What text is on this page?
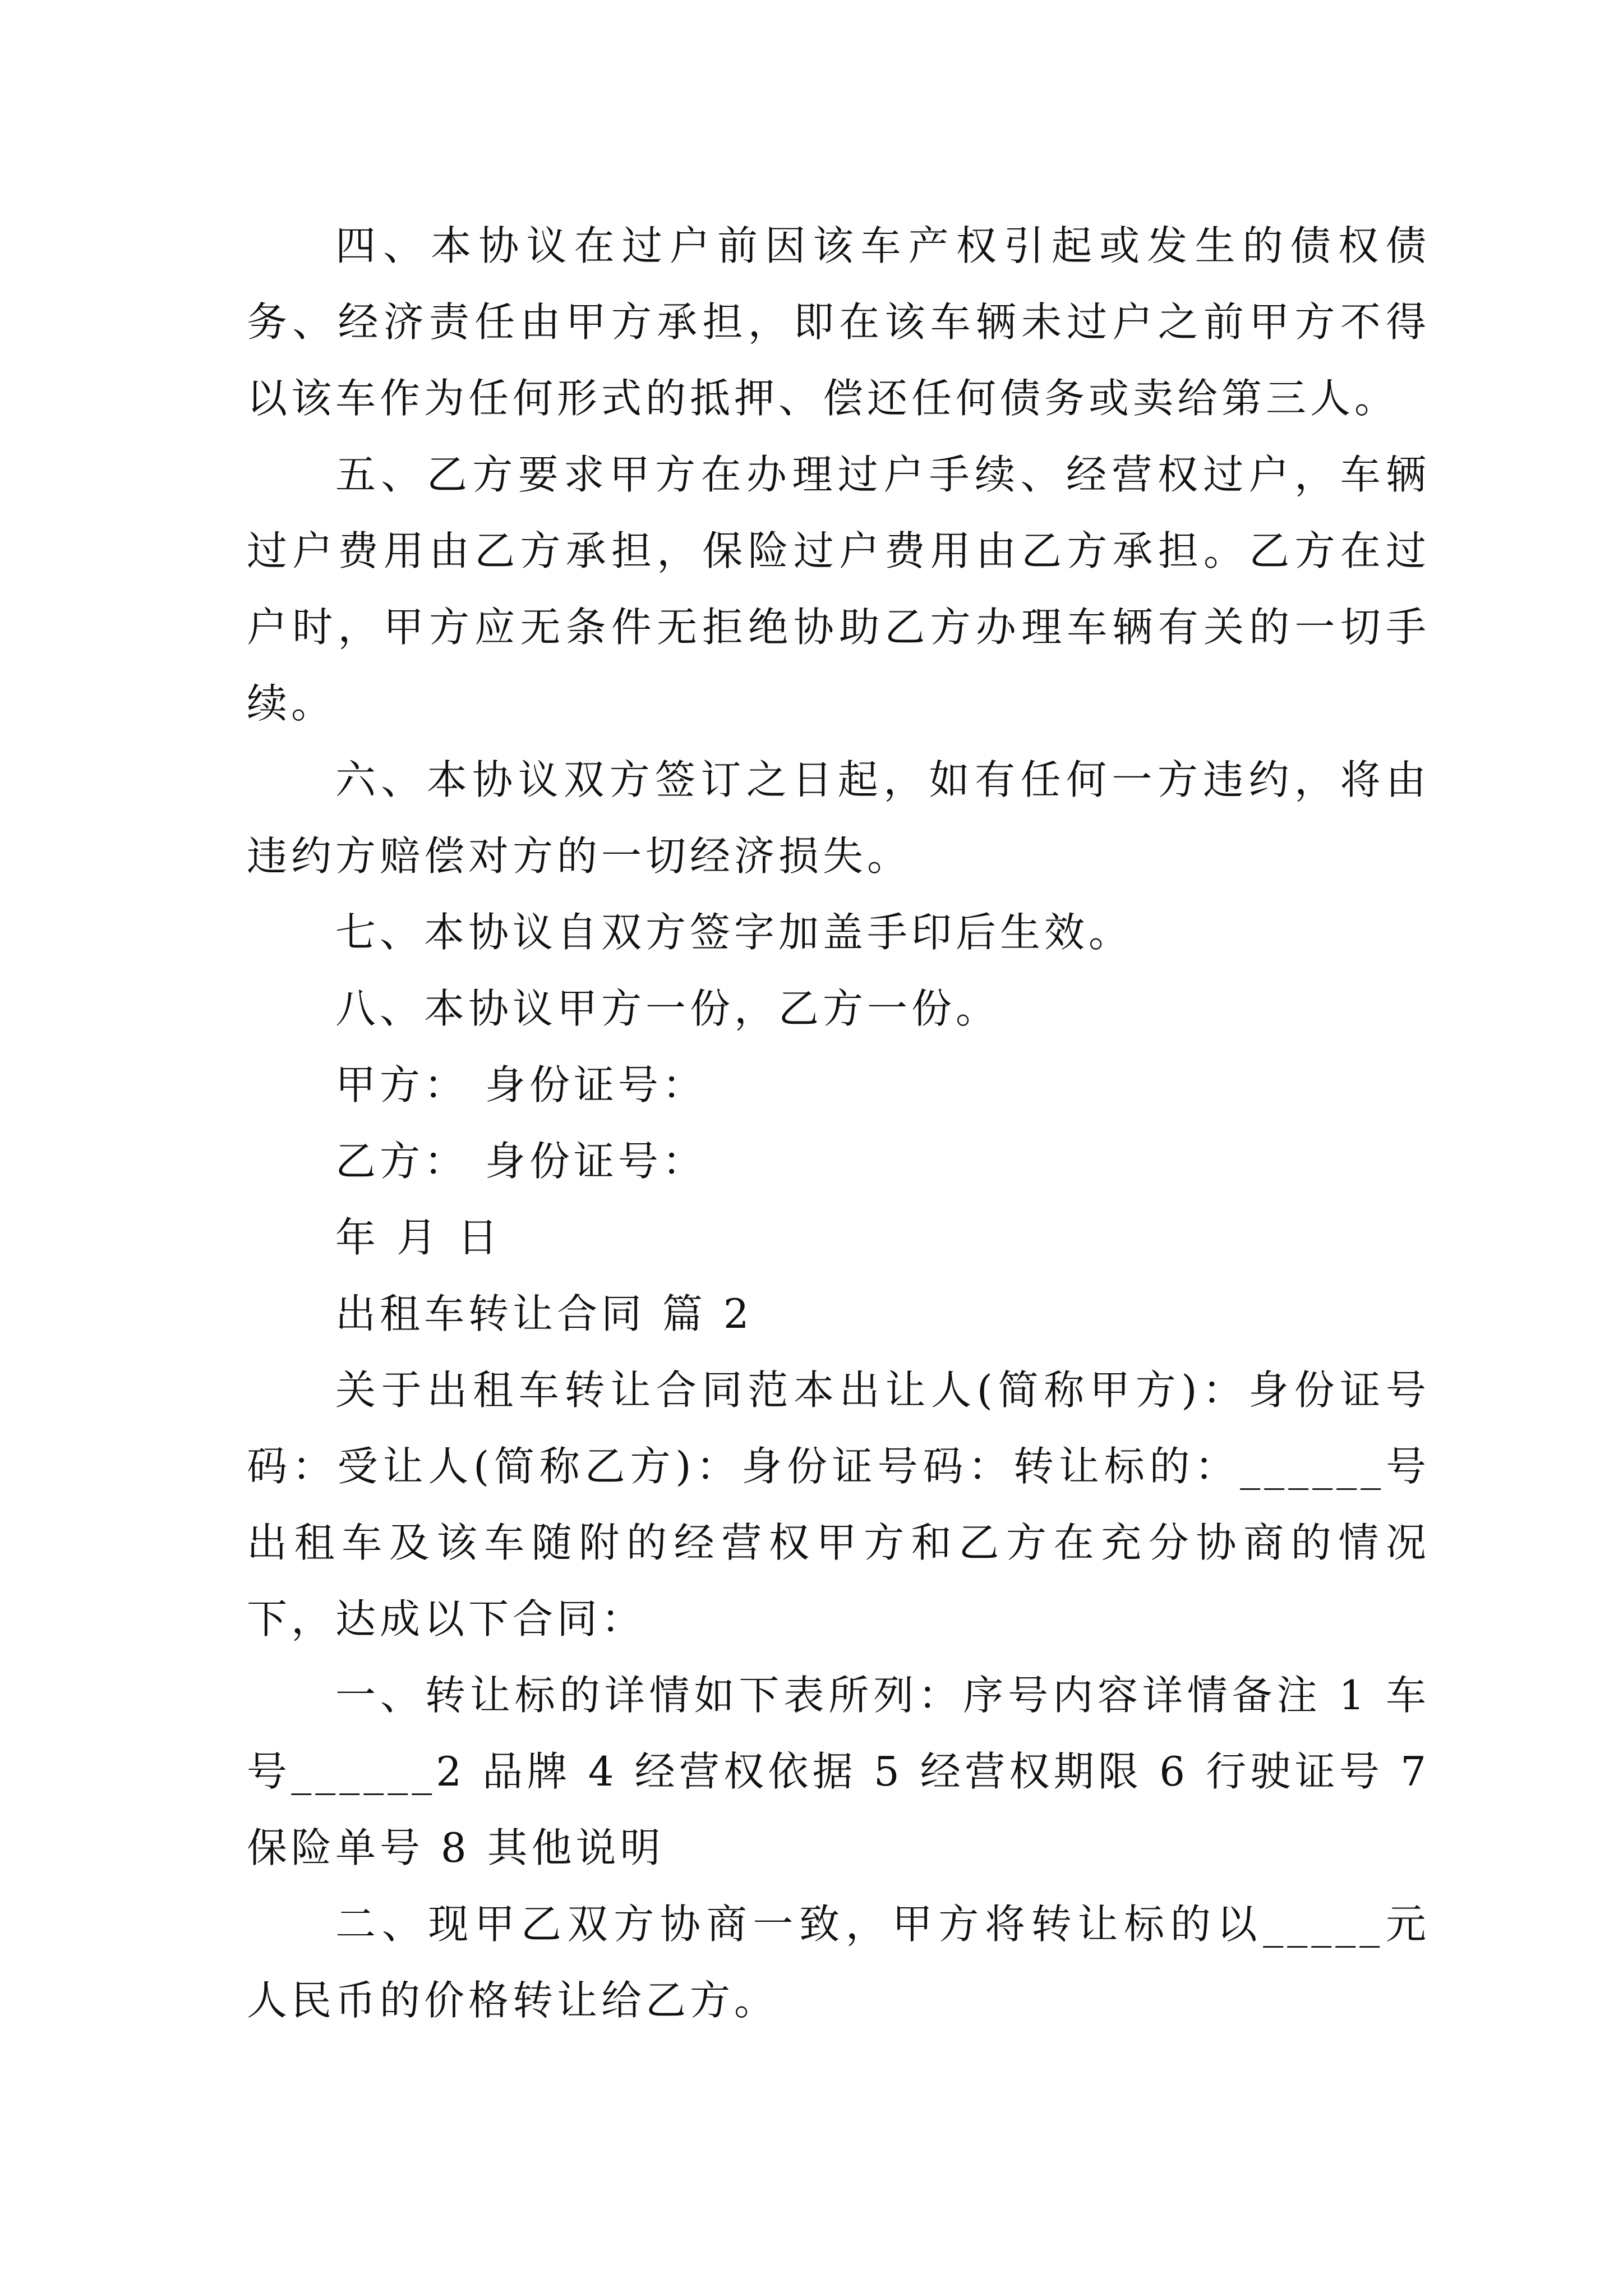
四、本协议在过户前因该车产权引起或发生的债权债务、经济责任由甲方承担，即在该车辆未过户之前甲方不得以该车作为任何形式的抵押、偿还任何债务或卖给第三人。

五、乙方要求甲方在办理过户手续、经营权过户，车辆过户费用由乙方承担，保险过户费用由乙方承担。乙方在过户时，甲方应无条件无拒绝协助乙方办理车辆有关的一切手续。

六、本协议双方签订之日起，如有任何一方违约，将由违约方赔偿对方的一切经济损失。

七、本协议自双方签字加盖手印后生效。

八、本协议甲方一份，乙方一份。

甲方： 身份证号：

乙方： 身份证号：

年 月 日

出租车转让合同 篇 2

关于出租车转让合同范本出让人(简称甲方)：身份证号码：受让人(简称乙方)：身份证号码：转让标的：______号出租车及该车随附的经营权甲方和乙方在充分协商的情况下，达成以下合同：

一、转让标的详情如下表所列：序号内容详情备注 1 车号______2 品牌 4 经营权依据 5 经营权期限 6 行驶证号 7 保险单号 8 其他说明

二、现甲乙双方协商一致，甲方将转让标的以_____元人民币的价格转让给乙方。
